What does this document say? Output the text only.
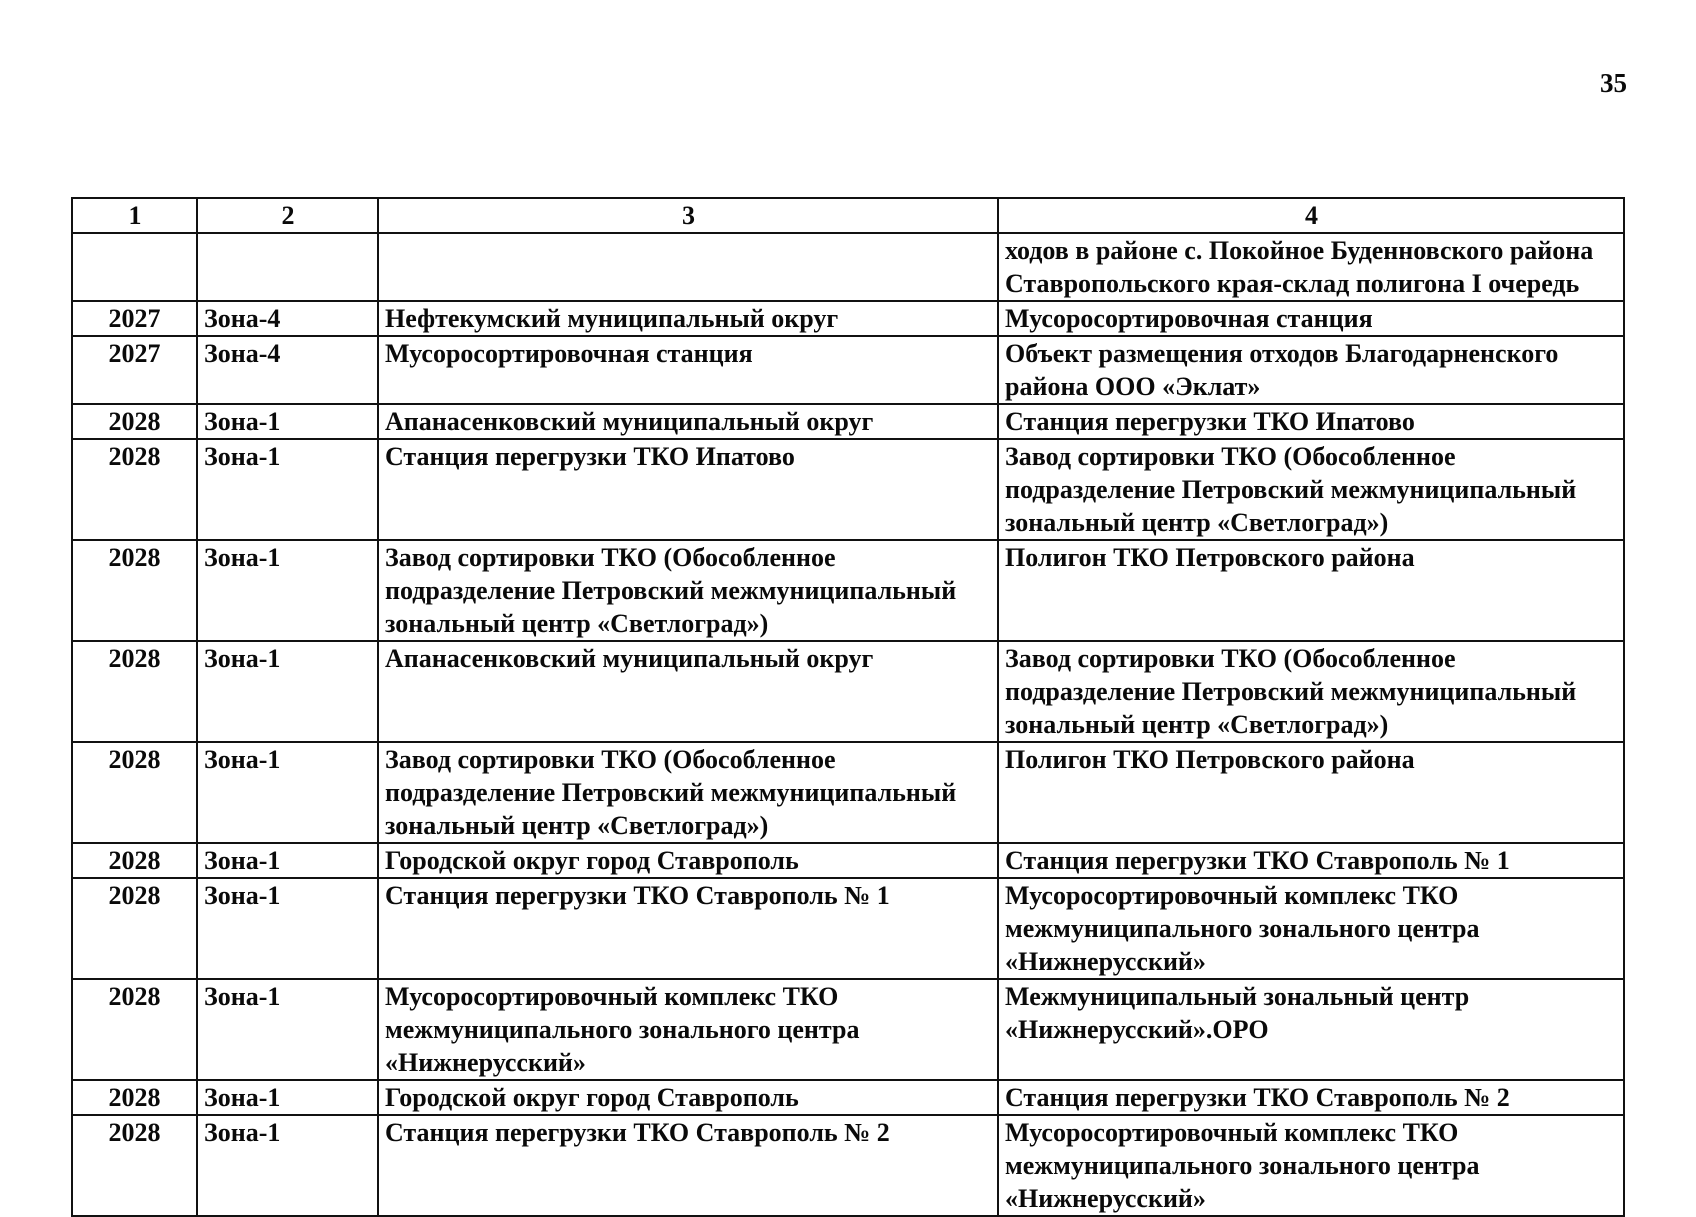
35
1	2	3	4

			ходов в районе с. Покойное Буденновского района Ставропольского края-склад полигона I очередь

2027	Зона-4	Нефтекумский муниципальный округ	Мусоросортировочная станция

2027	Зона-4	Мусоросортировочная станция	Объект размещения отходов Благодарненского района ООО «Эклат»

2028	Зона-1	Апанасенковский муниципальный округ	Станция перегрузки ТКО Ипатово

2028	Зона-1	Станция перегрузки ТКО Ипатово	Завод сортировки ТКО (Обособленное подразделение Петровский межмуниципальный зональный центр «Светлоград»)

2028	Зона-1	Завод сортировки ТКО (Обособленное подразделение Петровский межмуниципальный зональный центр «Светлоград»)	Полигон ТКО Петровского района

2028	Зона-1	Апанасенковский муниципальный округ	Завод сортировки ТКО (Обособленное подразделение Петровский межмуниципальный зональный центр «Светлоград»)

2028	Зона-1	Завод сортировки ТКО (Обособленное подразделение Петровский межмуниципальный зональный центр «Светлоград»)	Полигон ТКО Петровского района

2028	Зона-1	Городской округ город Ставрополь	Станция перегрузки ТКО Ставрополь № 1

2028	Зона-1	Станция перегрузки ТКО Ставрополь № 1	Мусоросортировочный комплекс ТКО межмуниципального зонального центра «Нижнерусский»

2028	Зона-1	Мусоросортировочный комплекс ТКО межмуниципального зонального центра «Нижнерусский»	Межмуниципальный зональный центр «Нижнерусский».ОРО

2028	Зона-1	Городской округ город Ставрополь	Станция перегрузки ТКО Ставрополь № 2

2028	Зона-1	Станция перегрузки ТКО Ставрополь № 2	Мусоросортировочный комплекс ТКО межмуниципального зонального центра «Нижнерусский»
